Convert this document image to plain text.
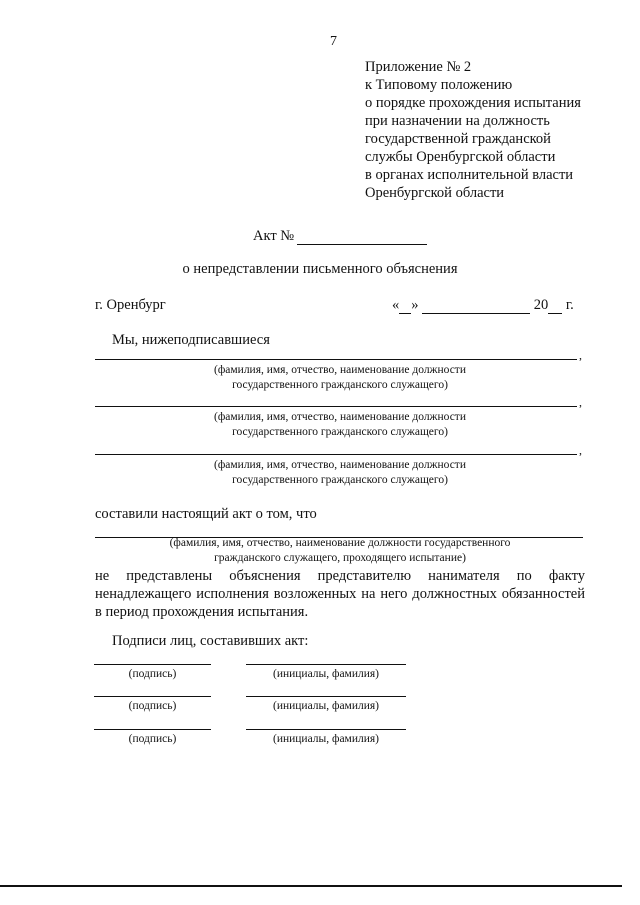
7
Приложение № 2
к Типовому положению
о порядке прохождения испытания
при назначении на должность
государственной гражданской
службы Оренбургской области
в органах исполнительной власти
Оренбургской области
Акт №
о непредставлении письменного объяснения
г. Оренбург	« »	20 г.
Мы, нижеподписавшиеся
,
(фамилия, имя, отчество, наименование должности
государственного гражданского служащего)
,
(фамилия, имя, отчество, наименование должности
государственного гражданского служащего)
,
(фамилия, имя, отчество, наименование должности
государственного гражданского служащего)
составили настоящий акт о том, что
(фамилия, имя, отчество, наименование должности государственного
гражданского служащего, проходящего испытание)
не представлены объяснения представителю нанимателя по факту ненадлежащего исполнения возложенных на него должностных обязанностей в период прохождения испытания.
Подписи лиц, составивших акт:
(подпись)	(инициалы, фамилия)
(подпись)	(инициалы, фамилия)
(подпись)	(инициалы, фамилия)
